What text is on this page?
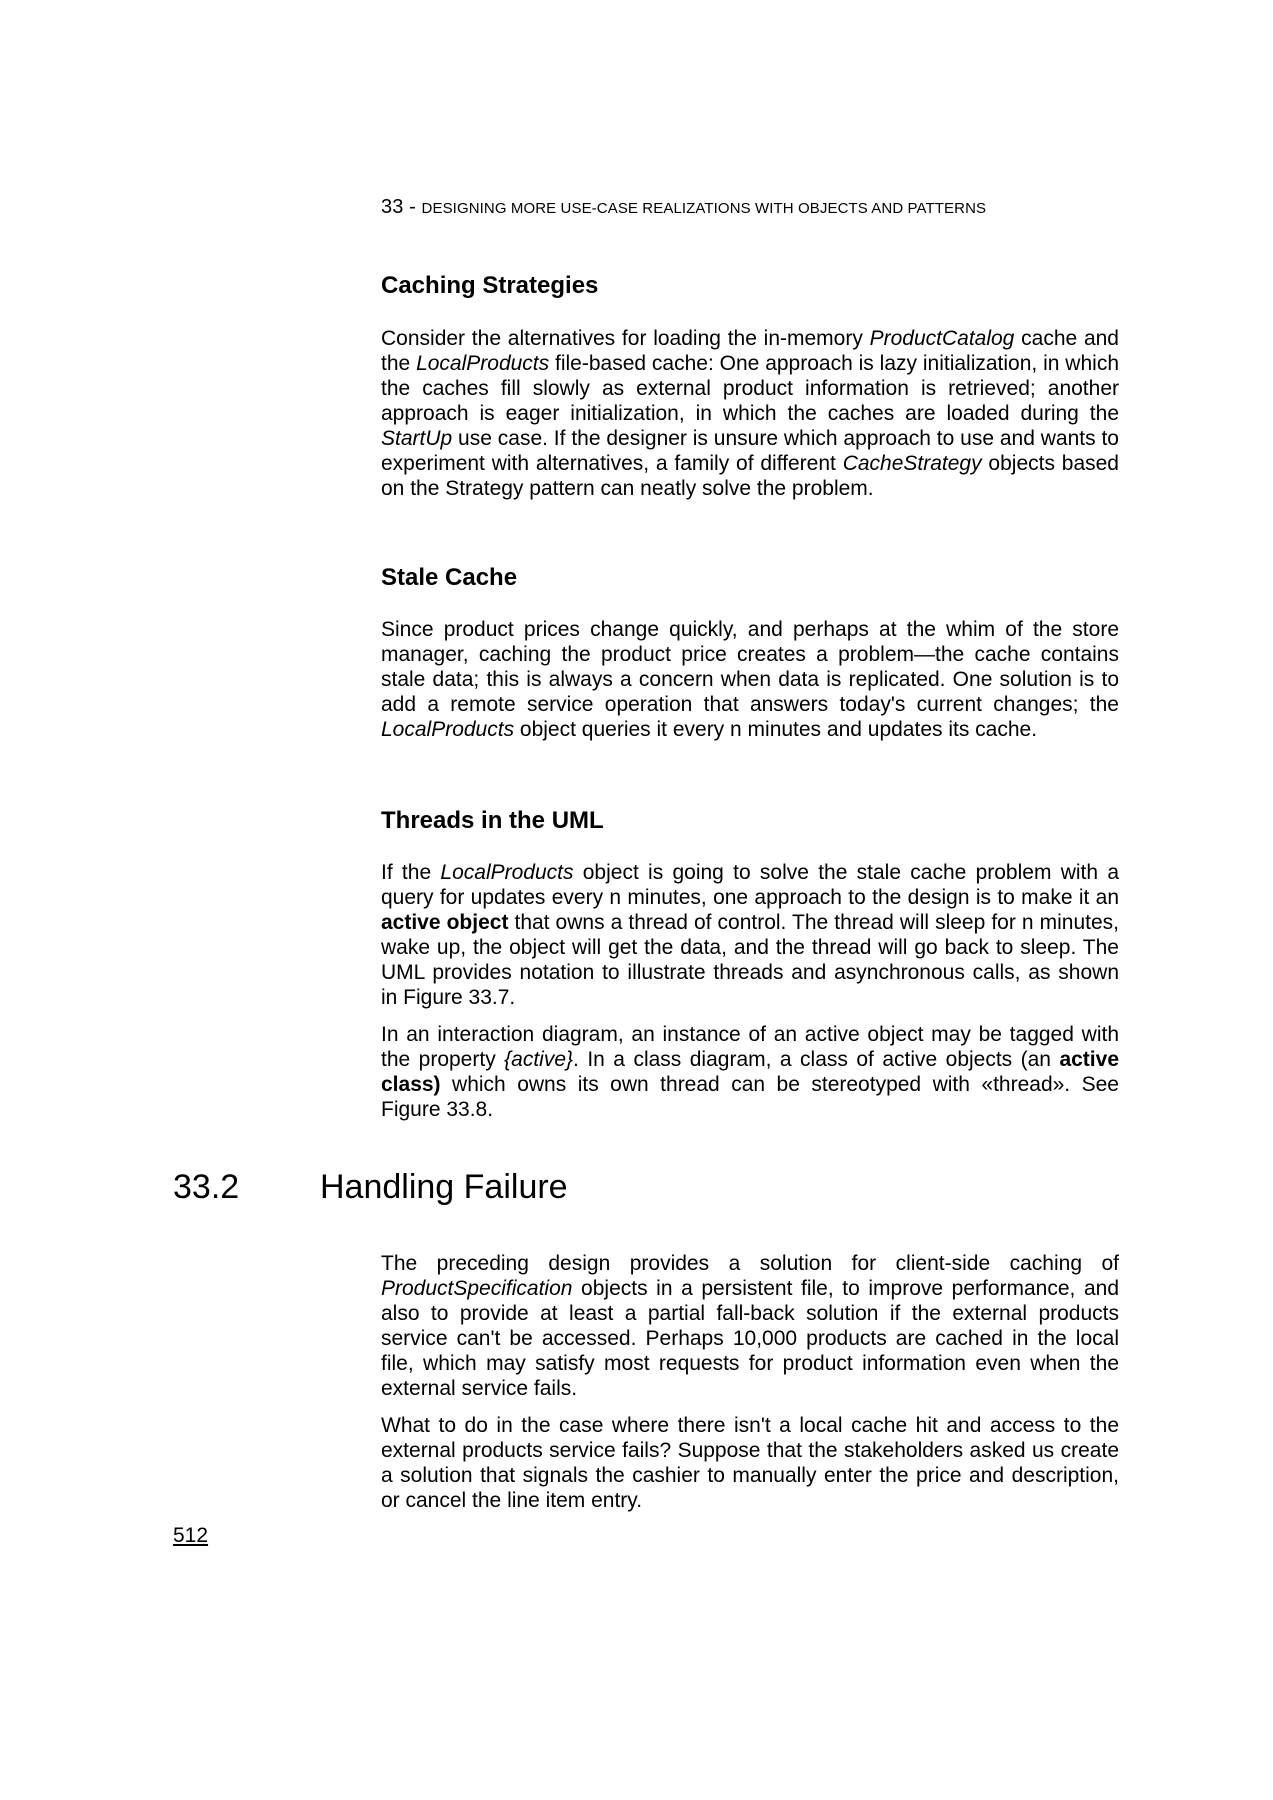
33 - DESIGNING MORE USE-CASE REALIZATIONS WITH OBJECTS AND PATTERNS
Caching Strategies

Consider the alternatives for loading the in-memory ProductCatalog cache and the LocalProducts file-based cache: One approach is lazy initialization, in which the caches fill slowly as external product information is retrieved; another approach is eager initialization, in which the caches are loaded during the StartUp use case. If the designer is unsure which approach to use and wants to experiment with alternatives, a family of different CacheStrategy objects based on the Strategy pattern can neatly solve the problem.

Stale Cache

Since product prices change quickly, and perhaps at the whim of the store manager, caching the product price creates a problem—the cache contains stale data; this is always a concern when data is replicated. One solution is to add a remote service operation that answers today's current changes; the LocalProducts object queries it every n minutes and updates its cache.

Threads in the UML

If the LocalProducts object is going to solve the stale cache problem with a query for updates every n minutes, one approach to the design is to make it an active object that owns a thread of control. The thread will sleep for n minutes, wake up, the object will get the data, and the thread will go back to sleep. The UML provides notation to illustrate threads and asynchronous calls, as shown in Figure 33.7.

In an interaction diagram, an instance of an active object may be tagged with the property {active}. In a class diagram, a class of active objects (an active class) which owns its own thread can be stereotyped with «thread». See Figure 33.8.

33.2 Handling Failure

The preceding design provides a solution for client-side caching of ProductSpecification objects in a persistent file, to improve performance, and also to provide at least a partial fall-back solution if the external products service can't be accessed. Perhaps 10,000 products are cached in the local file, which may satisfy most requests for product information even when the external service fails.

What to do in the case where there isn't a local cache hit and access to the external products service fails? Suppose that the stakeholders asked us create a solution that signals the cashier to manually enter the price and description, or cancel the line item entry.

512
